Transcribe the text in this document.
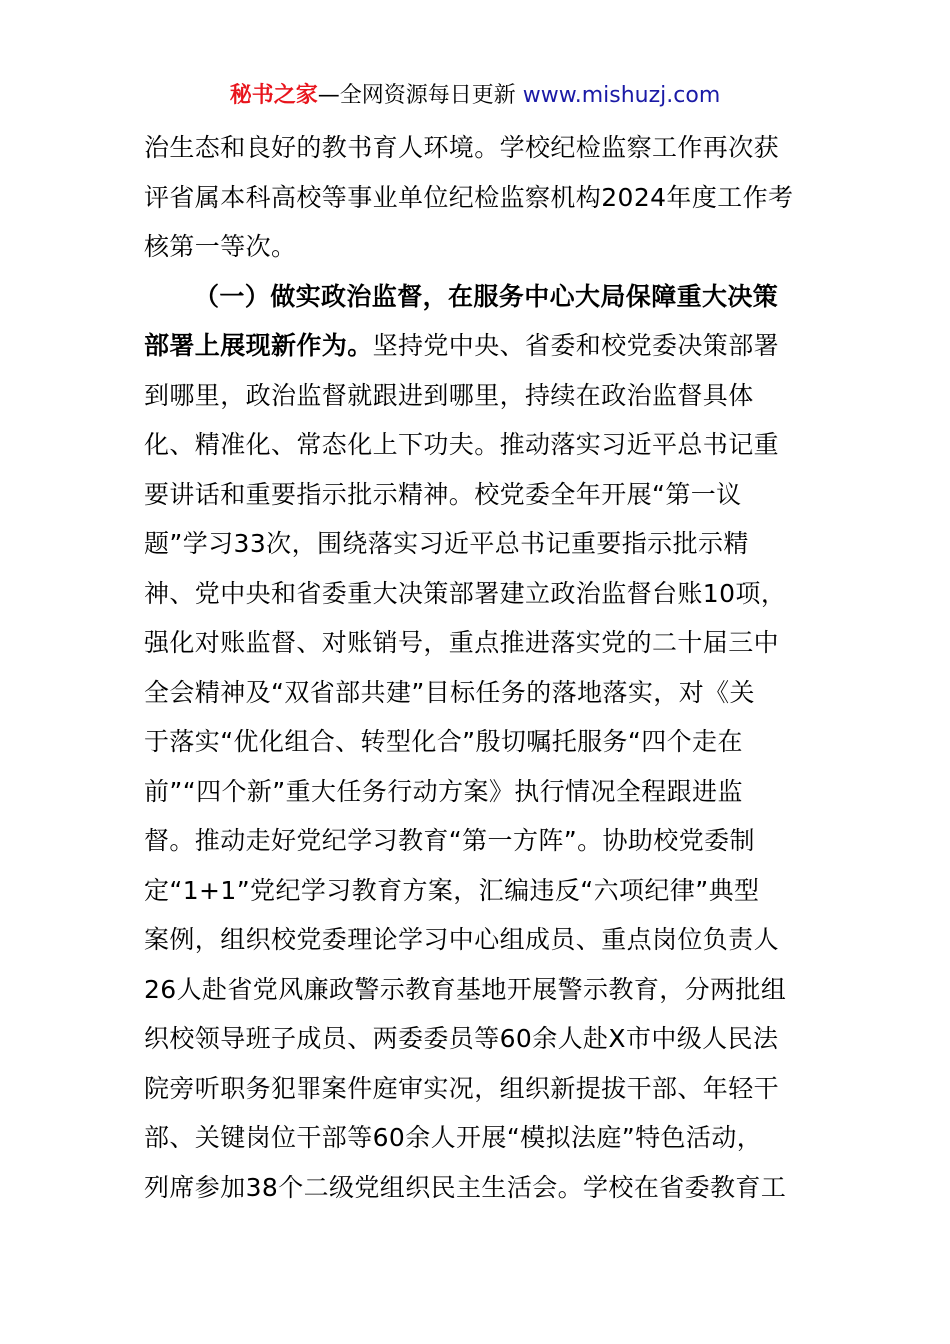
秘书之家—全网资源每日更新 www.mishuzj.com
治生态和良好的教书育人环境。学校纪检监察工作再次获
评省属本科高校等事业单位纪检监察机构2024年度工作考
核第一等次。
（一）做实政治监督，在服务中心大局保障重大决策
部署上展现新作为。坚持党中央、省委和校党委决策部署
到哪里，政治监督就跟进到哪里，持续在政治监督具体
化、精准化、常态化上下功夫。推动落实习近平总书记重
要讲话和重要指示批示精神。校党委全年开展“第一议
题”学习33次，围绕落实习近平总书记重要指示批示精
神、党中央和省委重大决策部署建立政治监督台账10项，
强化对账监督、对账销号，重点推进落实党的二十届三中
全会精神及“双省部共建”目标任务的落地落实，对《关
于落实“优化组合、转型化合”殷切嘱托服务“四个走在
前”“四个新”重大任务行动方案》执行情况全程跟进监
督。推动走好党纪学习教育“第一方阵”。协助校党委制
定“1+1”党纪学习教育方案，汇编违反“六项纪律”典型
案例，组织校党委理论学习中心组成员、重点岗位负责人
26人赴省党风廉政警示教育基地开展警示教育，分两批组
织校领导班子成员、两委委员等60余人赴X市中级人民法
院旁听职务犯罪案件庭审实况，组织新提拔干部、年轻干
部、关键岗位干部等60余人开展“模拟法庭”特色活动，
列席参加38个二级党组织民主生活会。学校在省委教育工
